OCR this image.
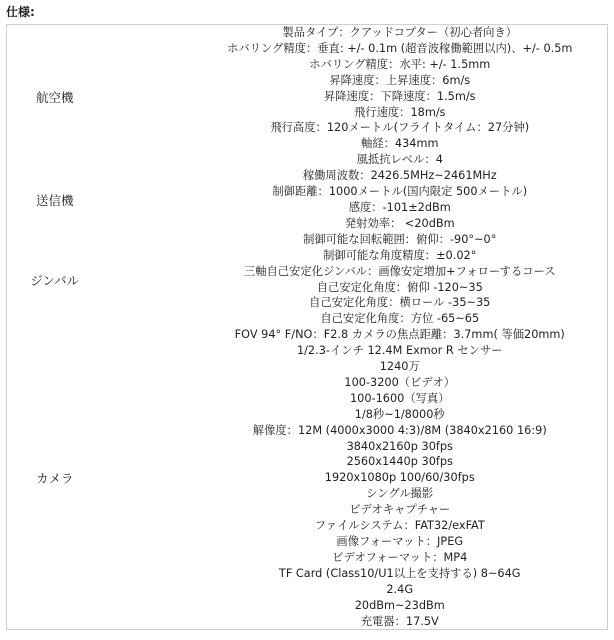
仕様:
航空機	製品タイプ：クアッドコプター（初心者向き）
	ホバリング精度：垂直: +/- 0.1m (超音波稼働範囲以内)、+/- 0.5m
	ホバリング精度：水平: +/- 1.5mm
	昇降速度：上昇速度：6m/s
	昇降速度：下降速度：1.5m/s
	飛行速度：18m/s
	飛行高度：120メートル(フライトタイム：27分钟)
	軸経：434mm
	風抵抗レベル：4
送信機	稼働周波数：2426.5MHz~2461MHz
	制御距離：1000メートル(国内限定 500メートル)
	感度：-101±2dBm
	発射効率： <20dBm
ジンバル	制御可能な回転範囲：俯仰：-90°~0°
	制御可能な角度精度：±0.02°
	三軸自己安定化ジンバル：画像安定増加+フォローするコース
	自己安定化角度：俯仰 -120~35
	自己安定化角度：横ロール -35~35
	自己安定化角度：方位 -65~65
カメラ	FOV 94° F/NO：F2.8 カメラの焦点距離：3.7mm( 等価20mm)
	1/2.3-インチ 12.4M Exmor R センサー
	1240万
	100-3200（ビデオ）
	100-1600（写真）
	1/8秒~1/8000秒
	解像度：12M (4000x3000 4:3)/8M (3840x2160 16:9)
	3840x2160p 30fps
	2560x1440p 30fps
	1920x1080p 100/60/30fps
	シングル撮影
	ビデオキャプチャー
	ファイルシステム：FAT32/exFAT
	画像フォーマット：JPEG
	ビデオフォーマット：MP4
	TF Card (Class10/U1以上を支持する) 8~64G
	2.4G
	20dBm~23dBm
	充電器：17.5V
